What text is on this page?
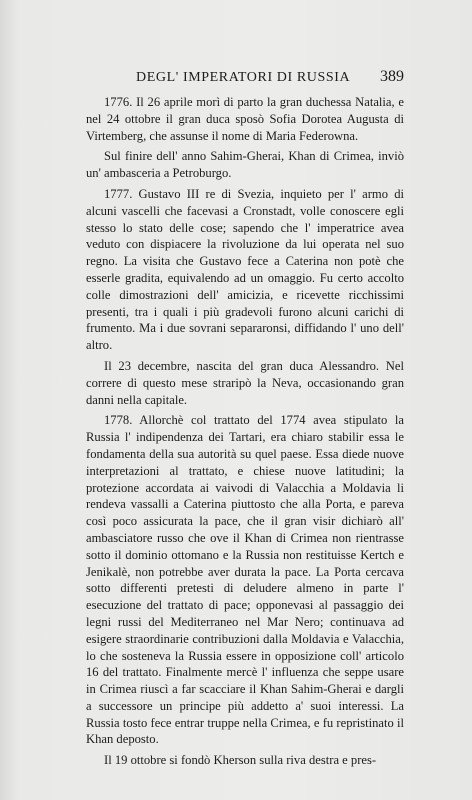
DEGL' IMPERATORI DI RUSSIA 389

1776. Il 26 aprile morì di parto la gran duchessa Natalia, e nel 24 ottobre il gran duca sposò Sofia Dorotea Augusta di Virtemberg, che assunse il nome di Maria Federowna.

Sul finire dell' anno Sahim-Gherai, Khan di Crimea, inviò un' ambasceria a Petroburgo.

1777. Gustavo III re di Svezia, inquieto per l' armo di alcuni vascelli che facevasi a Cronstadt, volle conoscere egli stesso lo stato delle cose; sapendo che l' imperatrice avea veduto con dispiacere la rivoluzione da lui operata nel suo regno. La visita che Gustavo fece a Caterina non potè che esserle gradita, equivalendo ad un omaggio. Fu certo accolto colle dimostrazioni dell' amicizia, e ricevette ricchissimi presenti, tra i quali i più gradevoli furono alcuni carichi di frumento. Ma i due sovrani separaronsi, diffidando l' uno dell' altro.

Il 23 decembre, nascita del gran duca Alessandro. Nel correre di questo mese straripò la Neva, occasionando gran danni nella capitale.

1778. Allorchè col trattato del 1774 avea stipulato la Russia l' indipendenza dei Tartari, era chiaro stabilir essa le fondamenta della sua autorità su quel paese. Essa diede nuove interpretazioni al trattato, e chiese nuove latitudini; la protezione accordata ai vaivodi di Valacchia a Moldavia li rendeva vassalli a Caterina piuttosto che alla Porta, e pareva così poco assicurata la pace, che il gran visir dichiarò all' ambasciatore russo che ove il Khan di Crimea non rientrasse sotto il dominio ottomano e la Russia non restituisse Kertch e Jenikalè, non potrebbe aver durata la pace. La Porta cercava sotto differenti pretesti di deludere almeno in parte l' esecuzione del trattato di pace; opponevasi al passaggio dei legni russi del Mediterraneo nel Mar Nero; continuava ad esigere straordinarie contribuzioni dalla Moldavia e Valacchia, lo che sosteneva la Russia essere in opposizione coll' articolo 16 del trattato. Finalmente mercè l' influenza che seppe usare in Crimea riuscì a far scacciare il Khan Sahim-Gherai e dargli a successore un principe più addetto a' suoi interessi. La Russia tosto fece entrar truppe nella Crimea, e fu repristinato il Khan deposto.

Il 19 ottobre si fondò Kherson sulla riva destra e pres-
